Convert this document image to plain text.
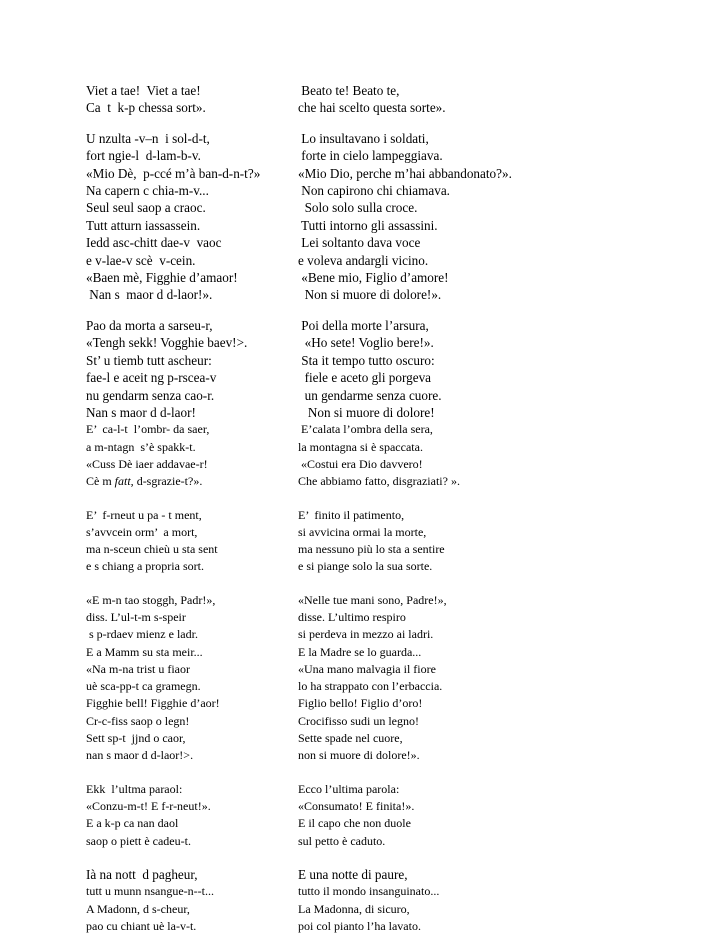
Viet a tae!  Viet a tae!
Ca  t  k-p chessa sort».
U nzulta -v–n  i sol-d-t,
fort ngie-l  d-lam-b-v.
«Mio Dè,  p-ccé m’à ban-d-n-t?»
Na capern c chia-m-v...
Seul seul saop a craoc.
Tutt atturn iassassein.
Iedd asc-chitt dae-v  vaoc
e v-lae-v scè  v-cein.
«Baen mè, Figghie d’amaor!
Nan s  maor d d-laor!».
Pao da morta a sarseu-r,
«Tengh sekk! Vogghie baev!>.
St’ u tiemb tutt ascheur:
fae-l e aceit ng p-rscea-v
nu gendarm senza cao-r.
Nan s maor d d-laor!
E’  ca-l-t  l’ombr- da saer,
a m-ntagn  s’è spakk-t.
«Cuss Dè iaer addavae-r!
Cè m fatt, d-sgrazie-t?».
E’  f-rneut u pa - t ment,
s’avvcein orm’  a mort,
ma n-sceun chieù u sta sent
e s chiang a propria sort.
«E m-n tao stoggh, Padr!»,
diss. L’ul-t-m s-speir
s p-rdaev mienz e ladr.
E a Mamm su sta meir...
«Na m-na trist u fiaor
uè sca-pp-t ca gramegn.
Figghie bell! Figghie d’aor!
Cr-c-fiss saop o legn!
Sett sp-t  jjnd o caor,
nan s maor d d-laor!>.
Ekk  l’ultma paraol:
«Conzu-m-t! E f-r-neut!».
E a k-p ca nan daol
saop o piett è cadeu-t.
Ià na nott  d pagheur,
tutt u munn nsangue-n--t...
A Madonn, d s-cheur,
pao cu chiant uè la-v-t.
Beato te! Beato te,
che hai scelto questa sorte».
Lo insultavano i soldati,
forte in cielo lampeggiava.
«Mio Dio, perche m’hai abbandonato?».
Non capirono chi chiamava.
Solo solo sulla croce.
Tutti intorno gli assassini.
Lei soltanto dava voce
e voleva andargli vicino.
«Bene mio, Figlio d’amore!
Non si muore di dolore!».
Poi della morte l’arsura,
«Ho sete! Voglio bere!».
Sta it tempo tutto oscuro:
fiele e aceto gli porgeva
un gendarme senza cuore.
Non si muore di dolore!
E’calata l’ombra della sera,
la montagna si è spaccata.
«Costui era Dio davvero!
Che abbiamo fatto, disgraziati? ».
E’  finito il patimento,
si avvicina ormai la morte,
ma nessuno più lo sta a sentire
e si piange solo la sua sorte.
«Nelle tue mani sono, Padre!»,
disse. L’ultimo respiro
si perdeva in mezzo ai ladri.
E la Madre se lo guarda...
«Una mano malvagia il fiore
lo ha strappato con l’erbaccia.
Figlio bello! Figlio d’oro!
Crocifisso sudi un legno!
Sette spade nel cuore,
non si muore di dolore!».
Ecco l’ultima parola:
«Consumato! E finita!».
E il capo che non duole
sul petto è caduto.
E una notte di paure,
tutto il mondo insanguinato...
La Madonna, di sicuro,
poi col pianto l’ha lavato.
